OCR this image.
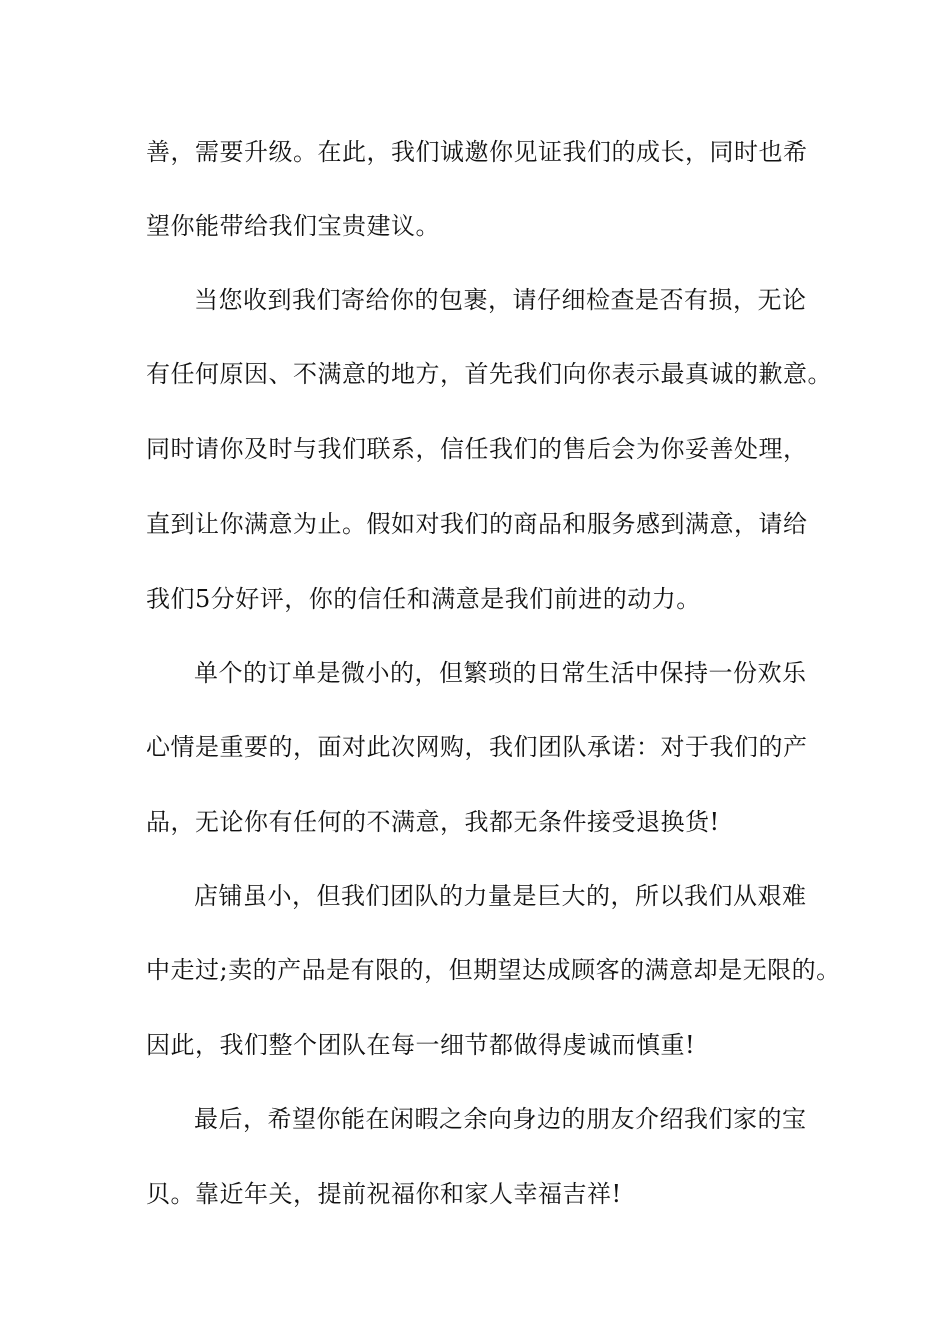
善，需要升级。在此，我们诚邀你见证我们的成长，同时也希
望你能带给我们宝贵建议。
当您收到我们寄给你的包裹，请仔细检查是否有损，无论
有任何原因、不满意的地方，首先我们向你表示最真诚的歉意。
同时请你及时与我们联系，信任我们的售后会为你妥善处理，
直到让你满意为止。假如对我们的商品和服务感到满意，请给
我们5分好评，你的信任和满意是我们前进的动力。
单个的订单是微小的，但繁琐的日常生活中保持一份欢乐
心情是重要的，面对此次网购，我们团队承诺：对于我们的产
品，无论你有任何的不满意，我都无条件接受退换货!
店铺虽小，但我们团队的力量是巨大的，所以我们从艰难
中走过;卖的产品是有限的，但期望达成顾客的满意却是无限的。
因此，我们整个团队在每一细节都做得虔诚而慎重!
最后，希望你能在闲暇之余向身边的朋友介绍我们家的宝
贝。靠近年关，提前祝福你和家人幸福吉祥!
